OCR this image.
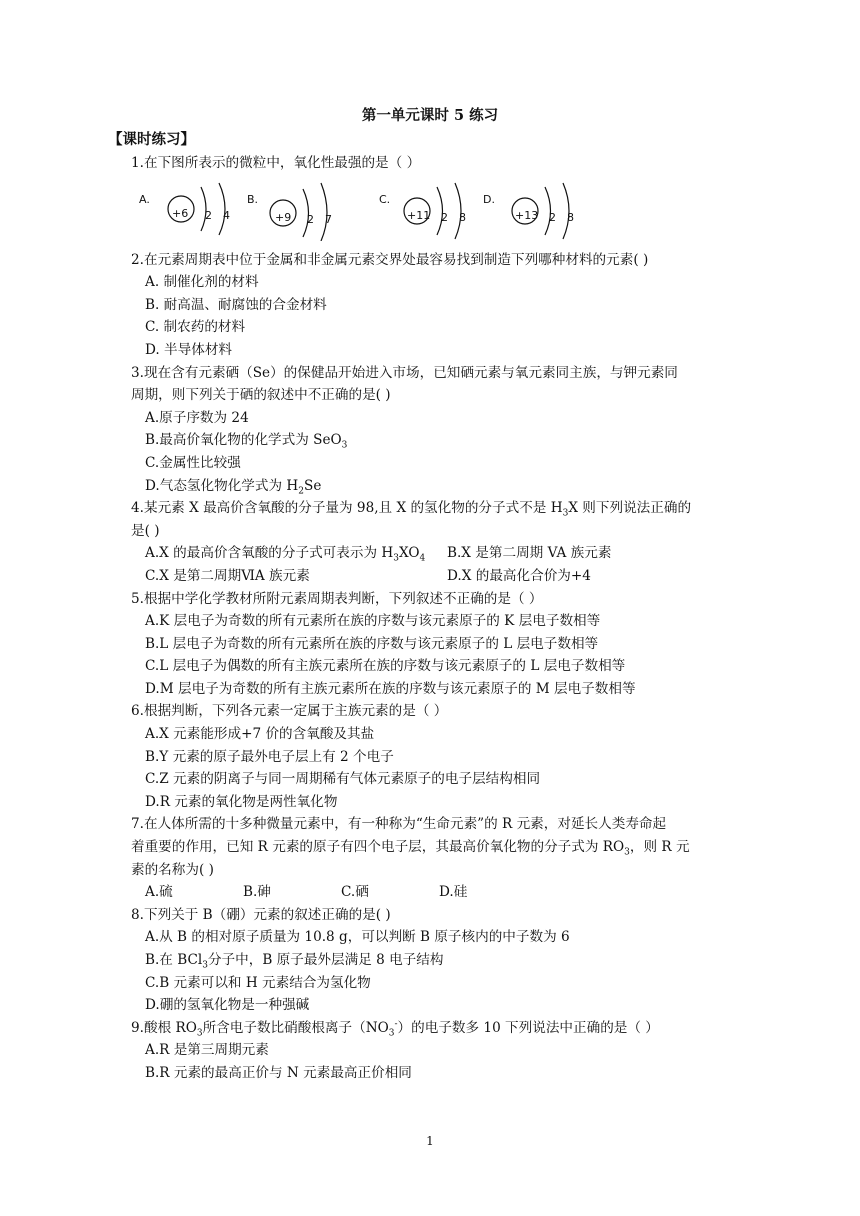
第一单元课时 5 练习
【课时练习】

1.在下图所表示的微粒中，氧化性最强的是（ ）

A.
+6 2 4
B.
+9 2 7
C.
+11 2 8
D.
+13 2 8

2.在元素周期表中位于金属和非金属元素交界处最容易找到制造下列哪种材料的元素( )

A. 制催化剂的材料

B. 耐高温、耐腐蚀的合金材料

C. 制农药的材料

D. 半导体材料

3.现在含有元素硒（Se）的保健品开始进入市场，已知硒元素与氧元素同主族，与钾元素同

周期，则下列关于硒的叙述中不正确的是( )

A.原子序数为 24

B.最高价氧化物的化学式为 SeO$_3$

C.金属性比较强

D.气态氢化物化学式为 $H_2Se$

4.某元素 X 最高价含氧酸的分子量为 98,且 X 的氢化物的分子式不是 $H_3X$ 则下列说法正确的

是( )

A.X 的最高价含氧酸的分子式可表示为 $H_3XO_4$	B.X 是第二周期 VA 族元素
C.X 是第二周期ⅥA 族元素	D.X 的最高化合价为+4

5.根据中学化学教材所附元素周期表判断，下列叙述不正确的是（ ）

A.K 层电子为奇数的所有元素所在族的序数与该元素原子的 K 层电子数相等

B.L 层电子为奇数的所有元素所在族的序数与该元素原子的 L 层电子数相等

C.L 层电子为偶数的所有主族元素所在族的序数与该元素原子的 L 层电子数相等

D.M 层电子为奇数的所有主族元素所在族的序数与该元素原子的 M 层电子数相等

6.根据判断，下列各元素一定属于主族元素的是（ ）

A.X 元素能形成+7 价的含氧酸及其盐

B.Y 元素的原子最外电子层上有 2 个电子

C.Z 元素的阴离子与同一周期稀有气体元素原子的电子层结构相同

D.R 元素的氧化物是两性氧化物

7.在人体所需的十多种微量元素中，有一种称为“生命元素”的 R 元素，对延长人类寿命起

着重要的作用，已知 R 元素的原子有四个电子层，其最高价氧化物的分子式为 $RO_3$，则 R 元

素的名称为( )

A.硫	B.砷	C.硒	D.硅

8.下列关于 B（硼）元素的叙述正确的是( )

A.从 B 的相对原子质量为 10.8 g，可以判断 B 原子核内的中子数为 6

B.在 BCl$_3$分子中，B 原子最外层满足 8 电子结构

C.B 元素可以和 H 元素结合为氢化物

D.硼的氢氧化物是一种强碱

9.酸根 $RO_3$所含电子数比硝酸根离子$(NO_3^-)$的电子数多 10 下列说法中正确的是（ ）

A.R 是第三周期元素

B.R 元素的最高正价与 N 元素最高正价相同

1
